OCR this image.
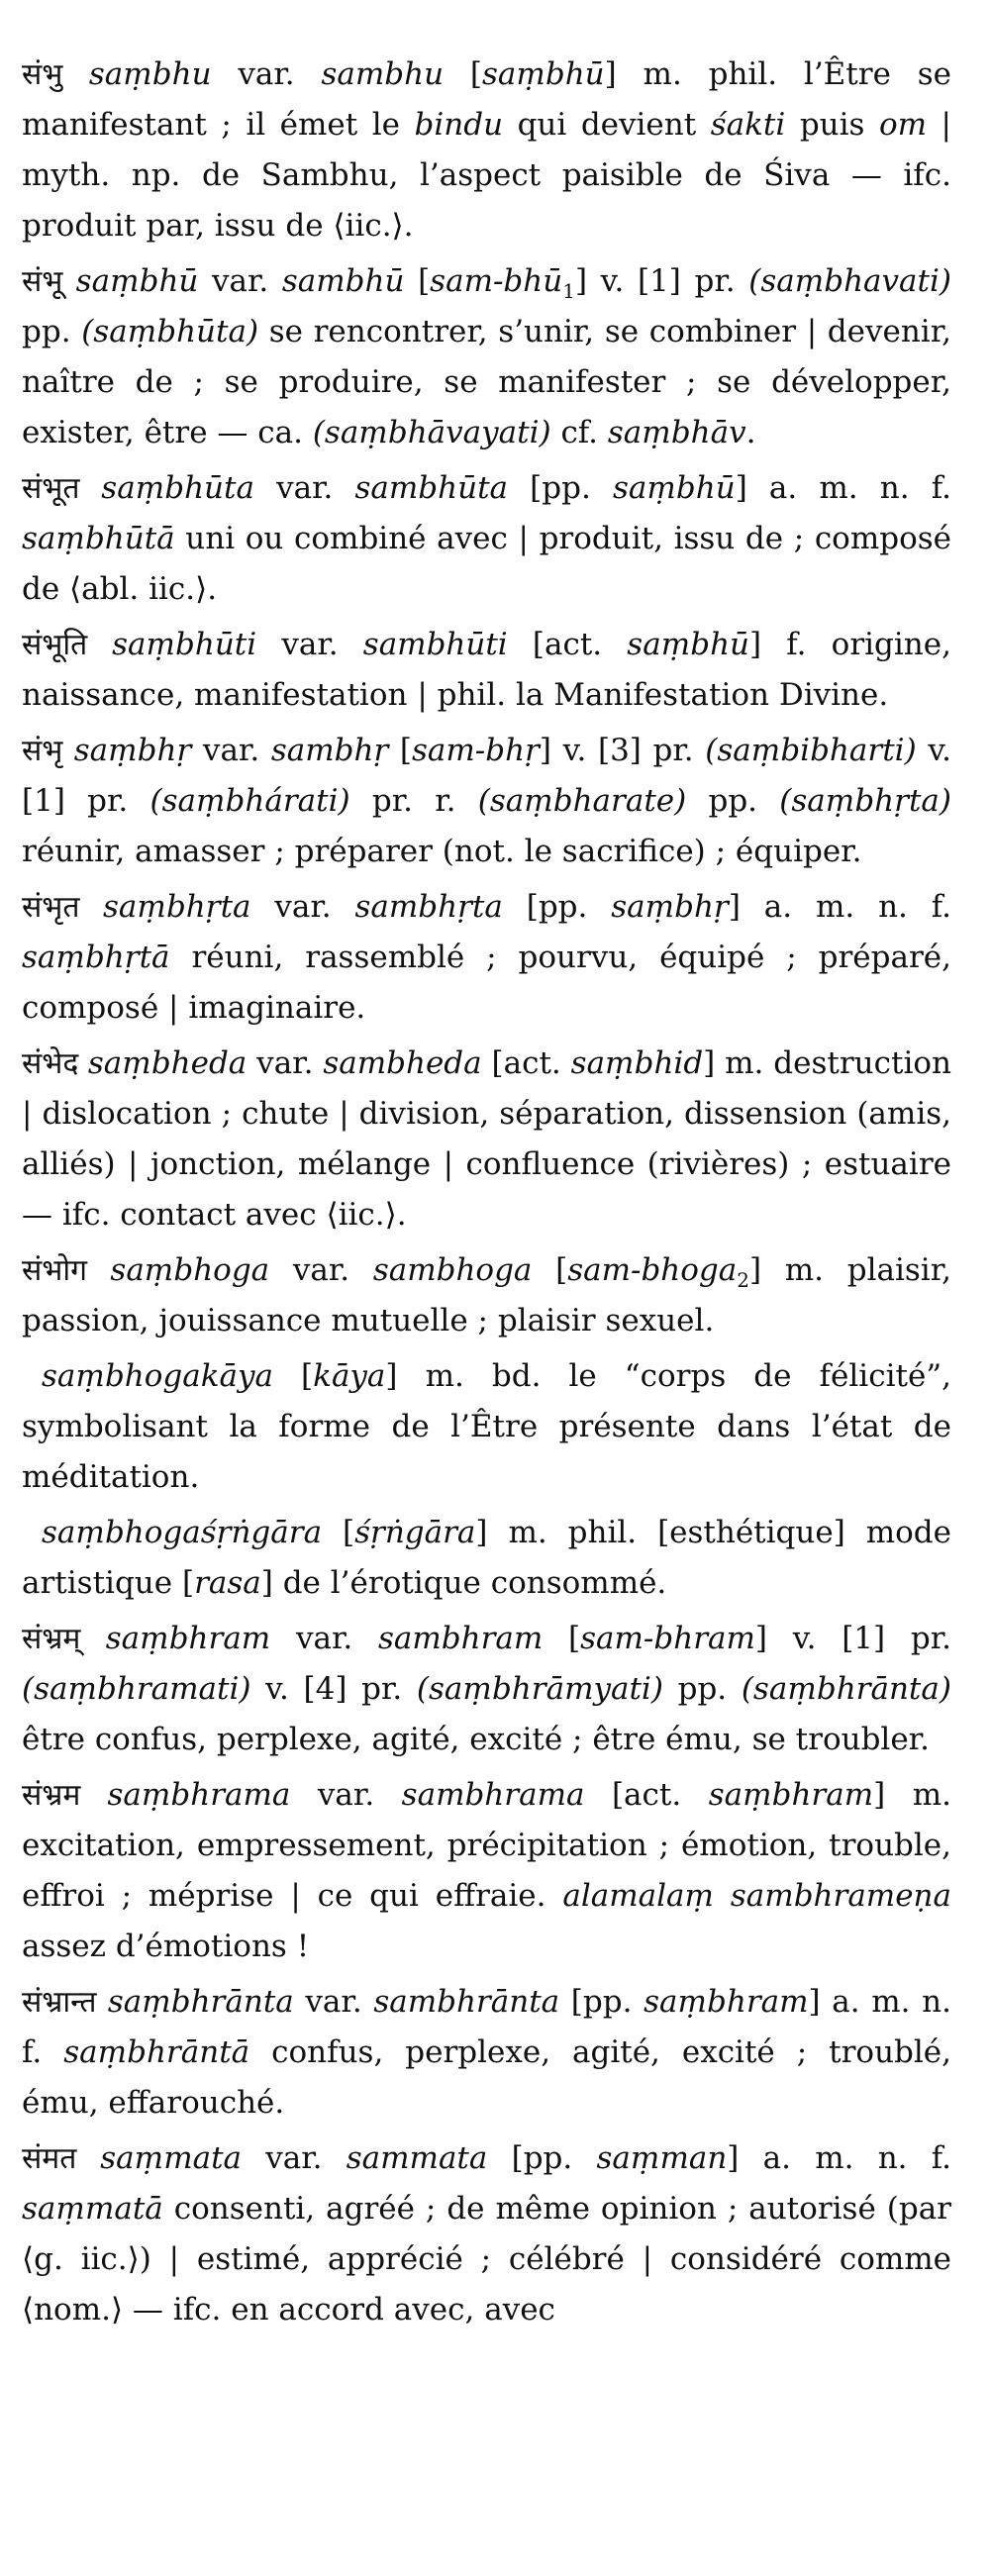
संभु saṃbhu var. sambhu [saṃbhū] m. phil. l’Être se manifestant ; il émet le bindu qui devient śakti puis om | myth. np. de Sambhu, l’aspect paisible de Śiva — ifc. produit par, issu de ⟨iic.⟩.

संभू saṃbhū var. sambhū [sam-bhū$_1$] v. [1] pr. (saṃbhavati) pp. (saṃbhūta) se rencontrer, s’unir, se combiner | devenir, naître de ; se produire, se manifester ; se développer, exister, être — ca. (saṃbhāvayati) cf. saṃbhāv.

संभूत saṃbhūta var. sambhūta [pp. saṃbhū] a. m. n. f. saṃbhūtā uni ou combiné avec | produit, issu de ; composé de ⟨abl. iic.⟩.

संभूति saṃbhūti var. sambhūti [act. saṃbhū] f. origine, naissance, manifestation | phil. la Manifestation Divine.

संभृ saṃbhṛ var. sambhṛ [sam-bhṛ] v. [3] pr. (saṃbibharti) v. [1] pr. (saṃbhárati) pr. r. (saṃbharate) pp. (saṃbhṛta) réunir, amasser ; préparer (not. le sacrifice) ; équiper.

संभृत saṃbhṛta var. sambhṛta [pp. saṃbhṛ] a. m. n. f. saṃbhṛtā réuni, rassemblé ; pourvu, équipé ; préparé, composé | imaginaire.

संभेद saṃbheda var. sambheda [act. saṃbhid] m. destruction | dislocation ; chute | division, séparation, dissension (amis, alliés) | jonction, mélange | confluence (rivières) ; estuaire — ifc. contact avec ⟨iic.⟩.

संभोग saṃbhoga var. sambhoga [sam-bhoga$_2$] m. plaisir, passion, jouissance mutuelle ; plaisir sexuel.

saṃbhogakāya [kāya] m. bd. le “corps de félicité”, symbolisant la forme de l’Être présente dans l’état de méditation.

saṃbhogaśṛṅgāra [śṛṅgāra] m. phil. [esthétique] mode artistique [rasa] de l’érotique consommé.

संभ्रम् saṃbhram var. sambhram [sam-bhram] v. [1] pr. (saṃbhramati) v. [4] pr. (saṃbhrāmyati) pp. (saṃbhrānta) être confus, perplexe, agité, excité ; être ému, se troubler.

संभ्रम saṃbhrama var. sambhrama [act. saṃbhram] m. excitation, empressement, précipitation ; émotion, trouble, effroi ; méprise | ce qui effraie. alamalaṃ sambhrameṇa assez d’émotions !

संभ्रान्त saṃbhrānta var. sambhrānta [pp. saṃbhram] a. m. n. f. saṃbhrāntā confus, perplexe, agité, excité ; troublé, ému, effarouché.

संमत saṃmata var. sammata [pp. saṃman] a. m. n. f. saṃmatā consenti, agréé ; de même opinion ; autorisé (par ⟨g. iic.⟩) | estimé, apprécié ; célébré | considéré comme ⟨nom.⟩ — ifc. en accord avec, avec
